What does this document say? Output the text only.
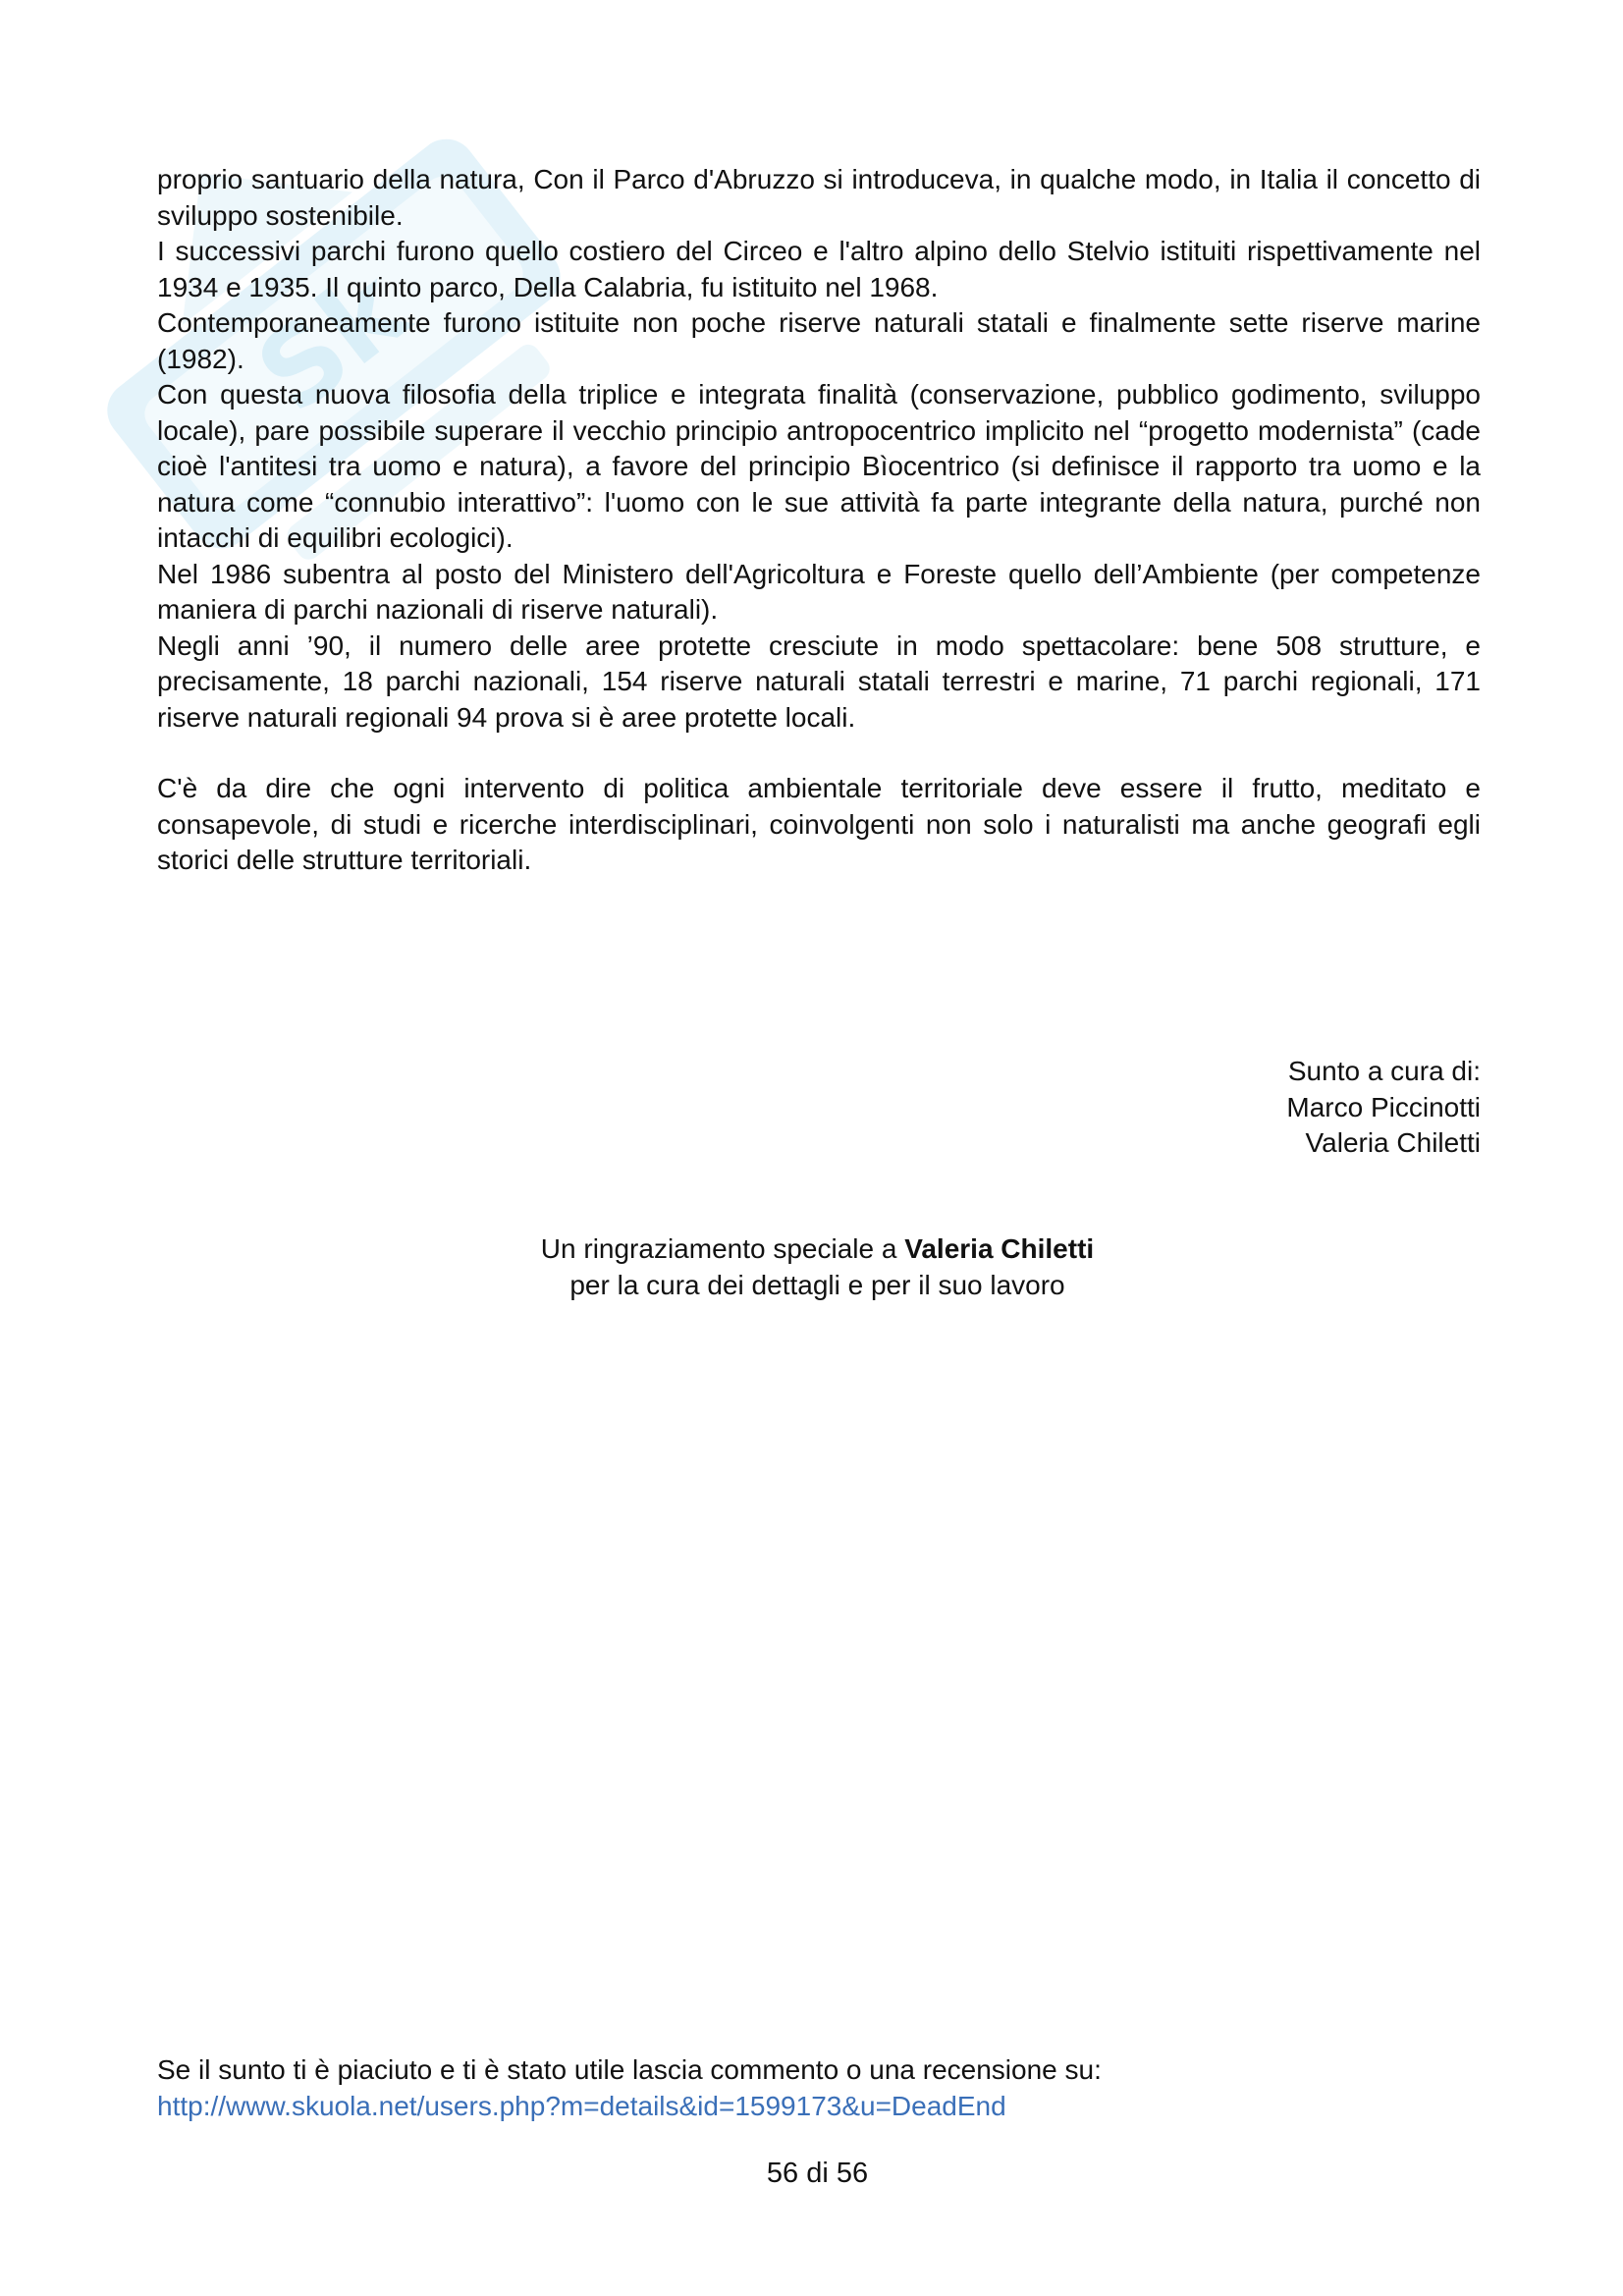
Sk

proprio santuario della natura, Con il Parco d'Abruzzo si introduceva, in qualche modo, in Italia il concetto di sviluppo sostenibile.

I successivi parchi furono quello costiero del Circeo e l'altro alpino dello Stelvio istituiti rispettivamente nel 1934 e 1935. Il quinto parco, Della Calabria, fu istituito nel 1968.

Contemporaneamente furono istituite non poche riserve naturali statali e finalmente sette riserve marine (1982).

Con questa nuova filosofia della triplice e integrata finalità (conservazione, pubblico godimento, sviluppo locale), pare possibile superare il vecchio principio antropocentrico implicito nel “progetto modernista” (cade cioè l'antitesi tra uomo e natura), a favore del principio Bìocentrico (si definisce il rapporto tra uomo e la natura come “connubio interattivo”: l'uomo con le sue attività fa parte integrante della natura, purché non intacchi di equilibri ecologici).

Nel 1986 subentra al posto del Ministero dell'Agricoltura e Foreste quello dell’Ambiente (per competenze maniera di parchi nazionali di riserve naturali).

Negli anni ’90, il numero delle aree protette cresciute in modo spettacolare: bene 508 strutture, e precisamente, 18 parchi nazionali, 154 riserve naturali statali terrestri e marine, 71 parchi regionali, 171 riserve naturali regionali 94 prova si è aree protette locali.

C'è da dire che ogni intervento di politica ambientale territoriale deve essere il frutto, meditato e consapevole, di studi e ricerche interdisciplinari, coinvolgenti non solo i naturalisti ma anche geografi egli storici delle strutture territoriali.

Sunto a cura di:
Marco Piccinotti
Valeria Chiletti
Un ringraziamento speciale a Valeria Chiletti
per la cura dei dettagli e per il suo lavoro
Se il sunto ti è piaciuto e ti è stato utile lascia commento o una recensione su:
http://www.skuola.net/users.php?m=details&id=1599173&u=DeadEnd
56 di 56
